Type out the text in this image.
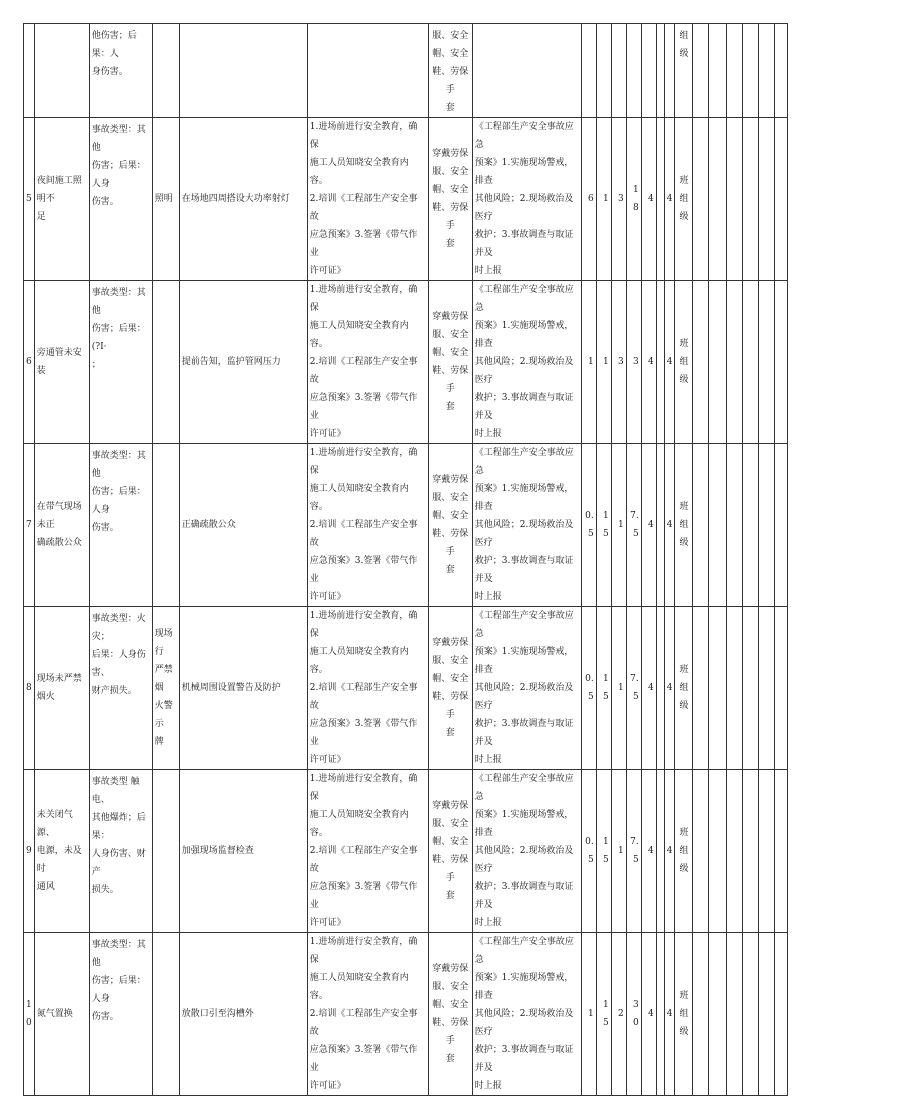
		他伤害；后果：人
身伤害。				服、安全
帽、安全
鞋、劳保手
套									组
级						
5	夜间施工照明不
足	事故类型：其他
伤害；后果：人身
伤害。	照明	在场地四周搭设大功率射灯	1.进场前进行安全教育，确保
施工人员知晓安全教育内容。
2.培训《工程部生产安全事故
应急预案》3.签署《带气作业
许可证》	穿戴劳保
服、安全
帽、安全
鞋、劳保手
套	《工程部生产安全事故应急
预案》1.实施现场警戒，排查
其他风险；2.现场救治及医疗
救护；3.事故调查与取证并及
时上报	6	1	3	18	4		4	班
组
级						
6	旁通管未安装	事故类型：其他
伤害；后果：(?I·
；		提前告知，监护管网压力	1.进场前进行安全教育，确保
施工人员知晓安全教育内容。
2.培训《工程部生产安全事故
应急预案》3.签署《带气作业
许可证》	穿戴劳保
服、安全
帽、安全
鞋、劳保手
套	《工程部生产安全事故应急
预案》1.实施现场警戒，排查
其他风险；2.现场救治及医疗
救护；3.事故调查与取证并及
时上报	1	1	3	3	4		4	班
组
级						
7	在带气现场未正
确疏散公众	事故类型：其他
伤害；后果：人身
伤害。		正确疏散公众	1.进场前进行安全教育，确保
施工人员知晓安全教育内容。
2.培训《工程部生产安全事故
应急预案》3.签署《带气作业
许可证》	穿戴劳保
服、安全
帽、安全
鞋、劳保手
套	《工程部生产安全事故应急
预案》1.实施现场警戒，排查
其他风险；2.现场救治及医疗
救护；3.事故调查与取证并及
时上报	0.5	15	1	7.5	4		4	班
组
级						
8	现场未严禁烟火	事故类型：火灾；
后果：人身伤害、
财产损失。	现场行
严禁烟
火警示
牌	机械周围设置警告及防护	1.进场前进行安全教育，确保
施工人员知晓安全教育内容。
2.培训《工程部生产安全事故
应急预案》3.签署《带气作业
许可证》	穿戴劳保
服、安全
帽、安全
鞋、劳保手
套	《工程部生产安全事故应急
预案》1.实施现场警戒，排查
其他风险；2.现场救治及医疗
救护；3.事故调查与取证并及
时上报	0.5	15	1	7.5	4		4	班
组
级						
9	未关闭气源、
电源，未及时
通风	事故类型 触电、
其他爆炸；后果：
人身伤害、财产
损失。		加强现场监督检查	1.进场前进行安全教育，确保
施工人员知晓安全教育内容。
2.培训《工程部生产安全事故
应急预案》3.签署《带气作业
许可证》	穿戴劳保
服、安全
帽、安全
鞋、劳保手
套	《工程部生产安全事故应急
预案》1.实施现场警戒，排查
其他风险；2.现场救治及医疗
救护；3.事故调查与取证并及
时上报	0.5	15	1	7.5	4		4	班
组
级						
10	氮气置换	事故类型：其他
伤害；后果：人身
伤害。		放散口引至沟槽外	1.进场前进行安全教育，确保
施工人员知晓安全教育内容。
2.培训《工程部生产安全事故
应急预案》3.签署《带气作业
许可证》	穿戴劳保
服、安全
帽、安全
鞋、劳保手
套	《工程部生产安全事故应急
预案》1.实施现场警戒，排查
其他风险；2.现场救治及医疗
救护；3.事故调查与取证并及
时上报	1	15	2	30	4		4	班
组
级						
